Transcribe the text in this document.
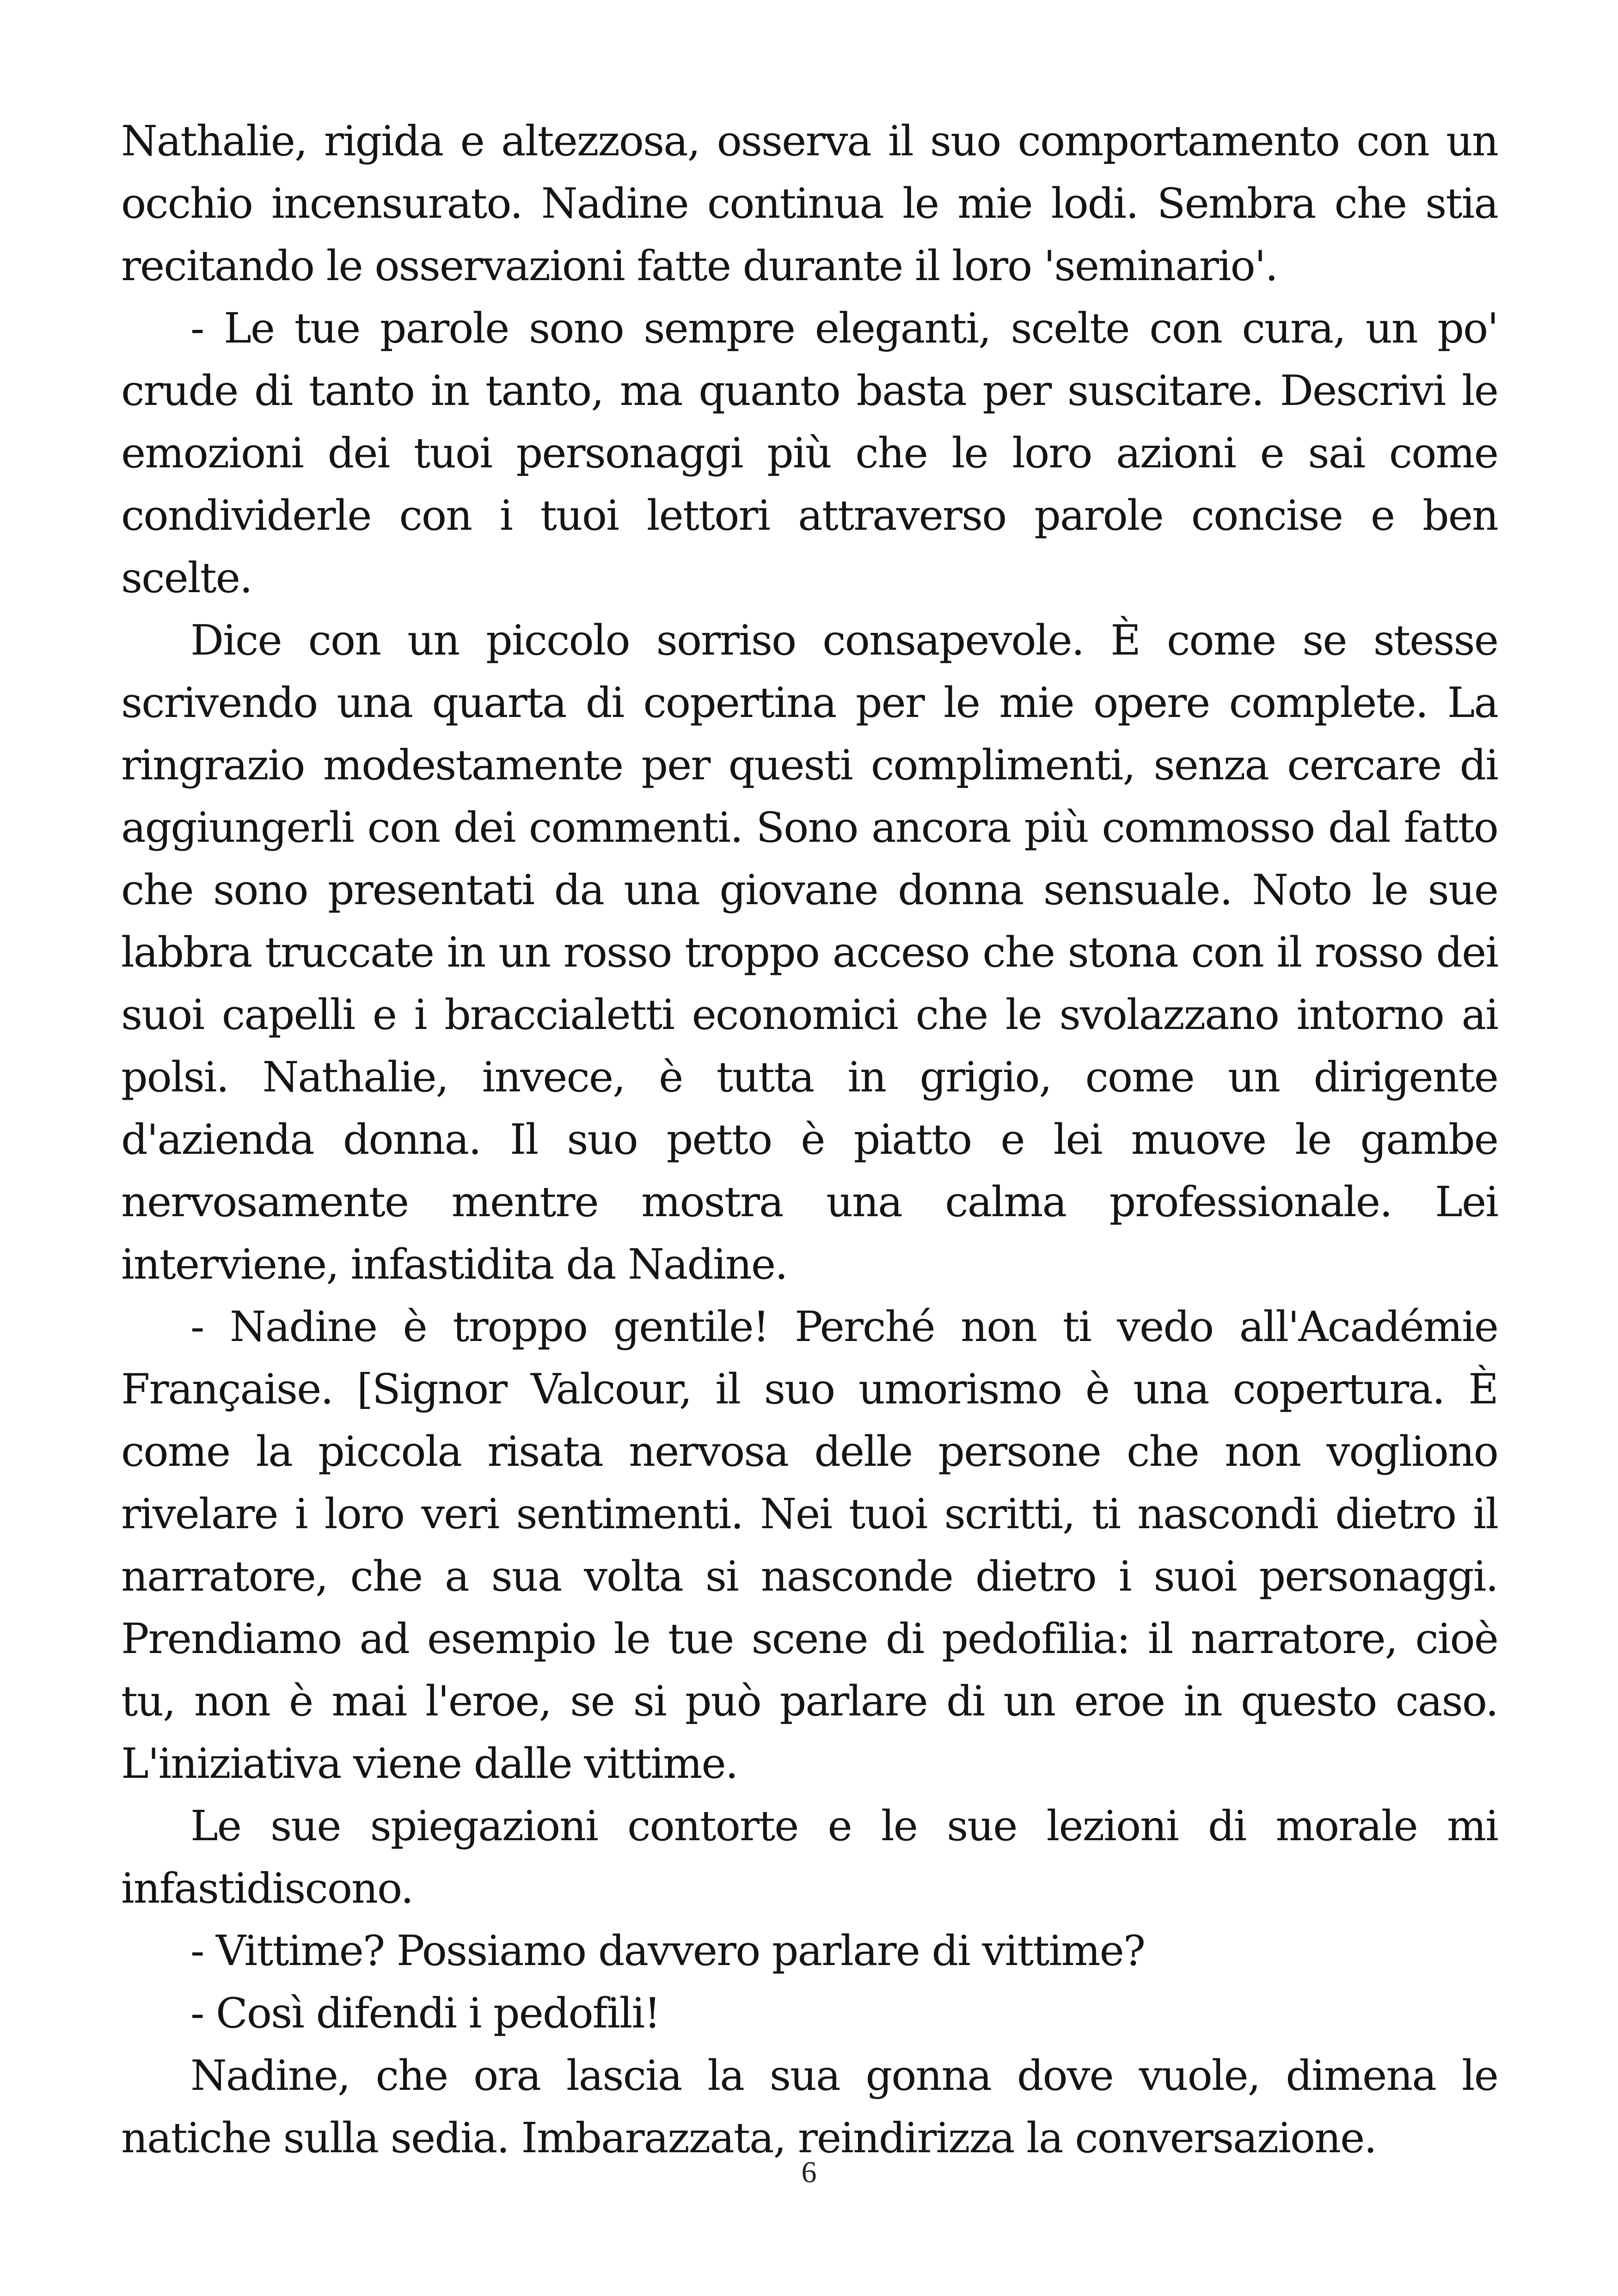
Nathalie, rigida e altezzosa, osserva il suo comportamento con un occhio incensurato. Nadine continua le mie lodi. Sembra che stia recitando le osservazioni fatte durante il loro 'seminario'.

- Le tue parole sono sempre eleganti, scelte con cura, un po' crude di tanto in tanto, ma quanto basta per suscitare. Descrivi le emozioni dei tuoi personaggi più che le loro azioni e sai come condividerle con i tuoi lettori attraverso parole concise e ben scelte.

Dice con un piccolo sorriso consapevole. È come se stesse scrivendo una quarta di copertina per le mie opere complete. La ringrazio modestamente per questi complimenti, senza cercare di aggiungerli con dei commenti. Sono ancora più commosso dal fatto che sono presentati da una giovane donna sensuale. Noto le sue labbra truccate in un rosso troppo acceso che stona con il rosso dei suoi capelli e i braccialetti economici che le svolazzano intorno ai polsi. Nathalie, invece, è tutta in grigio, come un dirigente d'azienda donna. Il suo petto è piatto e lei muove le gambe nervosamente mentre mostra una calma professionale. Lei interviene, infastidita da Nadine.

- Nadine è troppo gentile! Perché non ti vedo all'Académie Française. [Signor Valcour, il suo umorismo è una copertura. È come la piccola risata nervosa delle persone che non vogliono rivelare i loro veri sentimenti. Nei tuoi scritti, ti nascondi dietro il narratore, che a sua volta si nasconde dietro i suoi personaggi. Prendiamo ad esempio le tue scene di pedofilia: il narratore, cioè tu, non è mai l'eroe, se si può parlare di un eroe in questo caso. L'iniziativa viene dalle vittime.

Le sue spiegazioni contorte e le sue lezioni di morale mi infastidiscono.

- Vittime? Possiamo davvero parlare di vittime?

- Così difendi i pedofili!

Nadine, che ora lascia la sua gonna dove vuole, dimena le natiche sulla sedia. Imbarazzata, reindirizza la conversazione.

6
